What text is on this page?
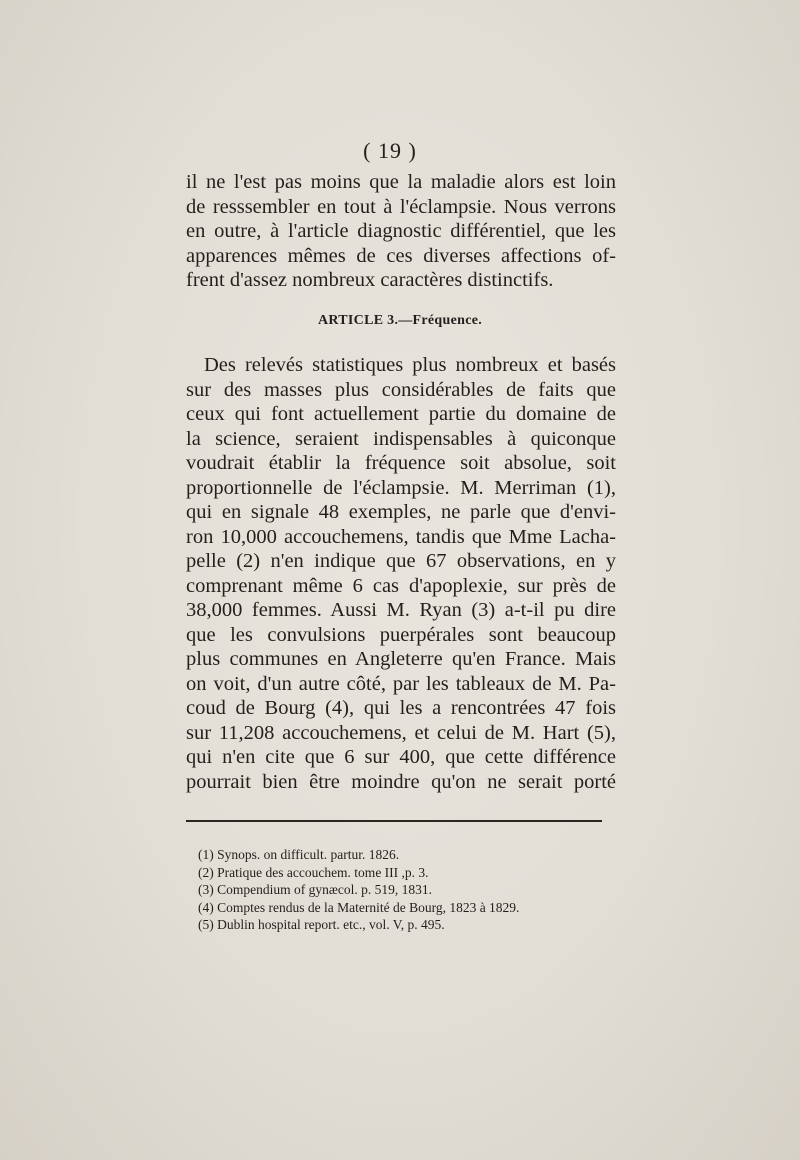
( 19 )
il ne l'est pas moins que la maladie alors est loin
de resssembler en tout à l'éclampsie. Nous verrons
en outre, à l'article diagnostic différentiel, que les
apparences mêmes de ces diverses affections of-
frent d'assez nombreux caractères distinctifs.
ARTICLE 3.—Fréquence.
Des relevés statistiques plus nombreux et basés
sur des masses plus considérables de faits que
ceux qui font actuellement partie du domaine de
la science, seraient indispensables à quiconque
voudrait établir la fréquence soit absolue, soit
proportionnelle de l'éclampsie. M. Merriman (1),
qui en signale 48 exemples, ne parle que d'envi-
ron 10,000 accouchemens, tandis que Mme Lacha-
pelle (2) n'en indique que 67 observations, en y
comprenant même 6 cas d'apoplexie, sur près de
38,000 femmes. Aussi M. Ryan (3) a-t-il pu dire
que les convulsions puerpérales sont beaucoup
plus communes en Angleterre qu'en France. Mais
on voit, d'un autre côté, par les tableaux de M. Pa-
coud de Bourg (4), qui les a rencontrées 47 fois
sur 11,208 accouchemens, et celui de M. Hart (5),
qui n'en cite que 6 sur 400, que cette différence
pourrait bien être moindre qu'on ne serait porté
(1) Synops. on difficult. partur. 1826.
(2) Pratique des accouchem. tome III ,p. 3.
(3) Compendium of gynæcol. p. 519, 1831.
(4) Comptes rendus de la Maternité de Bourg, 1823 à 1829.
(5) Dublin hospital report. etc., vol. V, p. 495.
